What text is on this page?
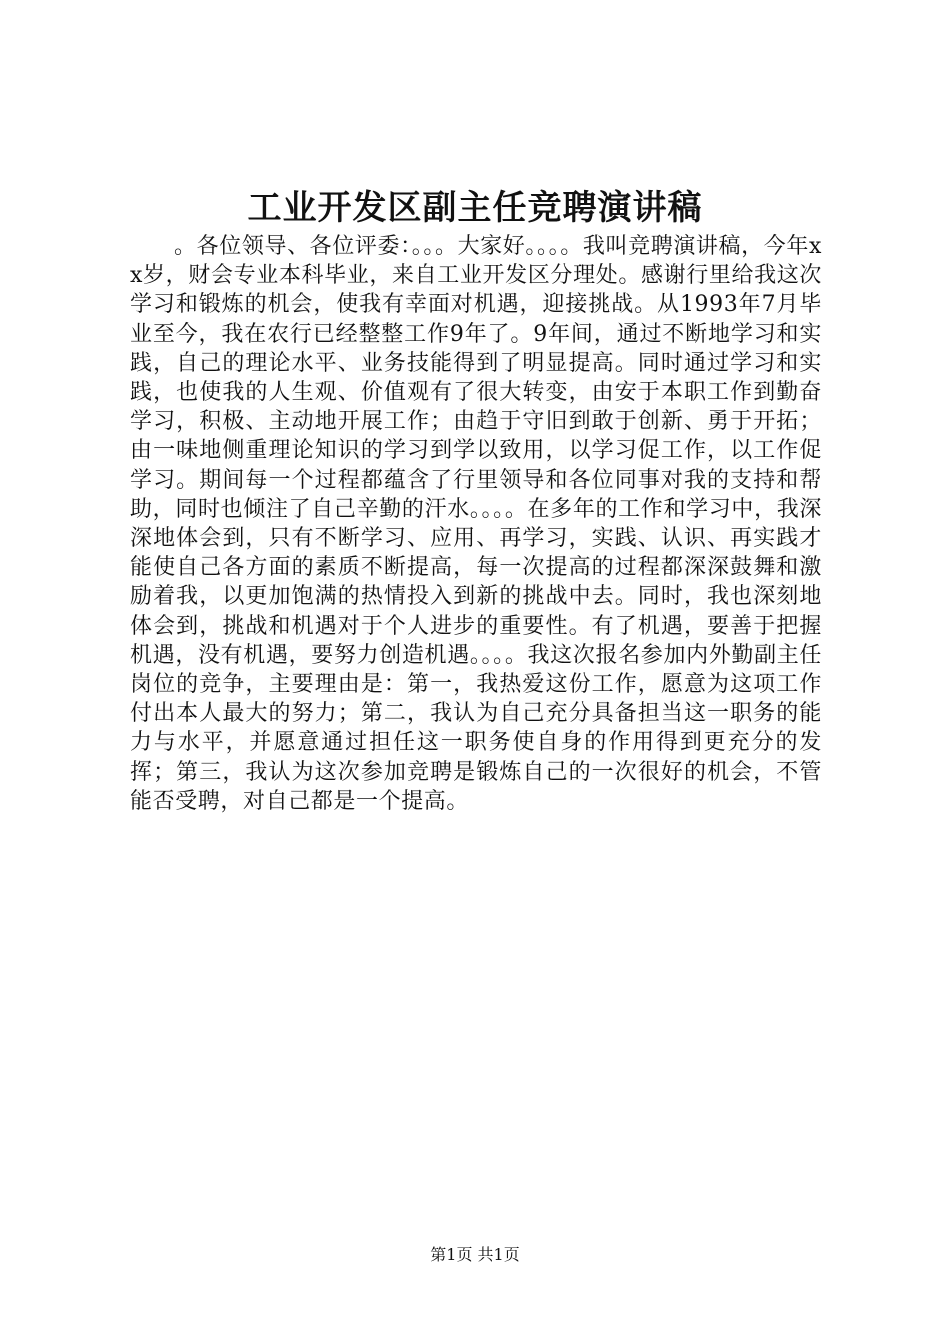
工业开发区副主任竞聘演讲稿

。各位领导、各位评委：。。。大家好。。。。我叫竞聘演讲稿，今年xx岁，财会专业本科毕业，来自工业开发区分理处。感谢行里给我这次学习和锻炼的机会，使我有幸面对机遇，迎接挑战。从1993年7月毕业至今，我在农行已经整整工作9年了。9年间，通过不断地学习和实践，自己的理论水平、业务技能得到了明显提高。同时通过学习和实践，也使我的人生观、价值观有了很大转变，由安于本职工作到勤奋学习，积极、主动地开展工作；由趋于守旧到敢于创新、勇于开拓；由一味地侧重理论知识的学习到学以致用，以学习促工作，以工作促学习。期间每一个过程都蕴含了行里领导和各位同事对我的支持和帮助，同时也倾注了自己辛勤的汗水。。。。在多年的工作和学习中，我深深地体会到，只有不断学习、应用、再学习，实践、认识、再实践才能使自己各方面的素质不断提高，每一次提高的过程都深深鼓舞和激励着我，以更加饱满的热情投入到新的挑战中去。同时，我也深刻地体会到，挑战和机遇对于个人进步的重要性。有了机遇，要善于把握机遇，没有机遇，要努力创造机遇。。。。我这次报名参加内外勤副主任岗位的竞争，主要理由是：第一，我热爱这份工作，愿意为这项工作付出本人最大的努力；第二，我认为自己充分具备担当这一职务的能力与水平，并愿意通过担任这一职务使自身的作用得到更充分的发挥；第三，我认为这次参加竞聘是锻炼自己的一次很好的机会，不管能否受聘，对自己都是一个提高。

第1页 共1页
